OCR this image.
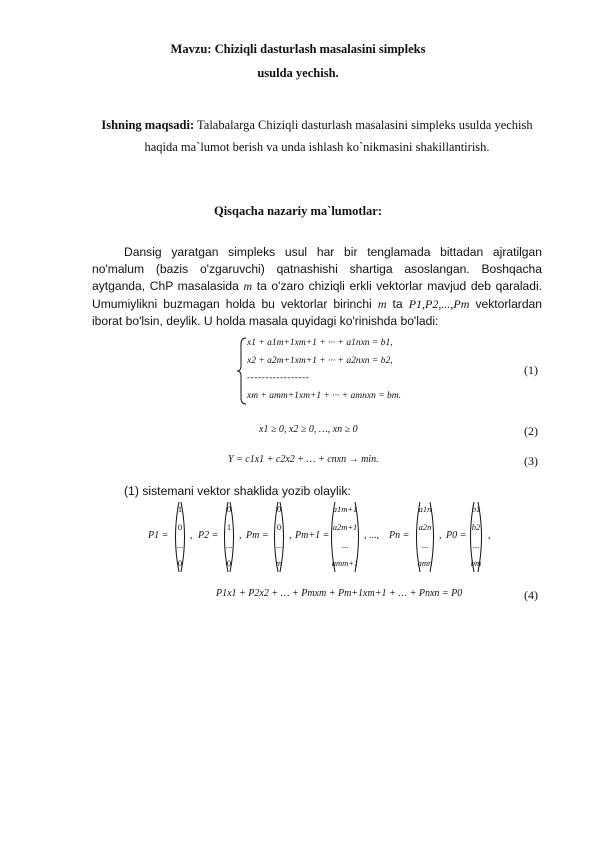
Mavzu: Chiziqli dasturlash masalasini simpleks
usulda yechish.
Ishning maqsadi: Talabalarga Chiziqli dasturlash masalasini simpleks usulda yechish haqida ma`lumot berish va unda ishlash ko`nikmasini shakillantirish.
Qisqacha nazariy ma`lumotlar:

Dansig yaratgan simpleks usul har bir tenglamada bittadan ajratilgan no'malum (bazis o'zgaruvchi) qatnashishi shartiga asoslangan. Boshqacha aytganda, ChP masalasida m ta o'zaro chiziqli erkli vektorlar mavjud deb qaraladi. Umumiylikni buzmagan holda bu vektorlar birinchi m ta P1,P2,...,Pm vektorlardan iborat bo'lsin, deylik. U holda masala quyidagi ko'rinishda bo'ladi:

x1 + a1m+1xm+1 + ··· + a1nxn = b1,
x2 + a2m+1xm+1 + ··· + a2nxn = b2,
-----------------
xm + amm+1xm+1 + ··· + amnxn = bm.
(1)
x1 ≥ 0, x2 ≥ 0, …, xn ≥ 0	(2)
Y = c1x1 + c2x2 + … + cnxn → min.	(3)
(1) sistemani vektor shaklida yozib olaylik:
P1 =
1
0
...
0
, P2 =
0
1
...
0
, Pm =
0
0
...
m
, Pm+1 =
a1m+1
a2m+1
...
amm+1
, ..., Pn =
a1n
a2n
...
amn
, P0 =
b1
b2
...
bm
,
P1x1 + P2x2 + … + Pmxm + Pm+1xm+1 + … + Pnxn = P0	(4)
